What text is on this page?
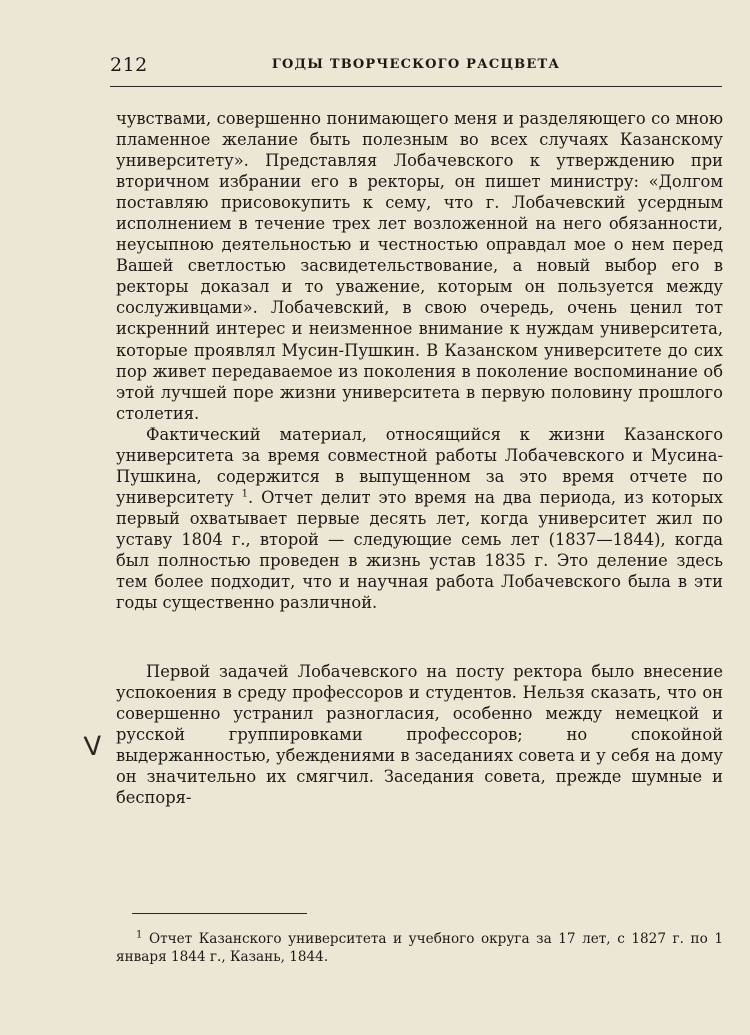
212	ГОДЫ ТВОРЧЕСКОГО РАСЦВЕТА

чувствами, совершенно понимающего меня и разделяющего со мною пламенное желание быть полезным во всех случаях Казанскому университету». Представляя Лобачевского к утверждению при вторичном избрании его в ректоры, он пишет министру: «Долгом поставляю присовокупить к сему, что г. Лобачевский усердным исполнением в течение трех лет возложенной на него обязанности, неусыпною деятельностью и честностью оправдал мое о нем перед Вашей светлостью засвидетельствование, а новый выбор его в ректоры доказал и то уважение, которым он пользуется между сослуживцами». Лобачевский, в свою очередь, очень ценил тот искренний интерес и неизменное внимание к нуждам университета, которые проявлял Мусин-Пушкин. В Казанском университете до сих пор живет передаваемое из поколения в поколение воспоминание об этой лучшей поре жизни университета в первую половину прошлого столетия.

Фактический материал, относящийся к жизни Казанского университета за время совместной работы Лобачевского и Мусина-Пушкина, содержится в выпущенном за это время отчете по университету $^1$. Отчет делит это время на два периода, из которых первый охватывает первые десять лет, когда университет жил по уставу 1804 г., второй — следующие семь лет (1837—1844), когда был полностью проведен в жизнь устав 1835 г. Это деление здесь тем более подходит, что и научная работа Лобачевского была в эти годы существенно различной.

Первой задачей Лобачевского на посту ректора было внесение успокоения в среду профессоров и студентов. Нельзя сказать, что он совершенно устранил разногласия, особенно между немецкой и русской группировками профессоров; но спокойной выдержанностью, убеждениями в заседаниях совета и у себя на дому он значительно их смягчил. Заседания совета, прежде шумные и беспоря-

V
$^1$ Отчет Казанского университета и учебного округа за 17 лет, с 1827 г. по 1 января 1844 г., Казань, 1844.
